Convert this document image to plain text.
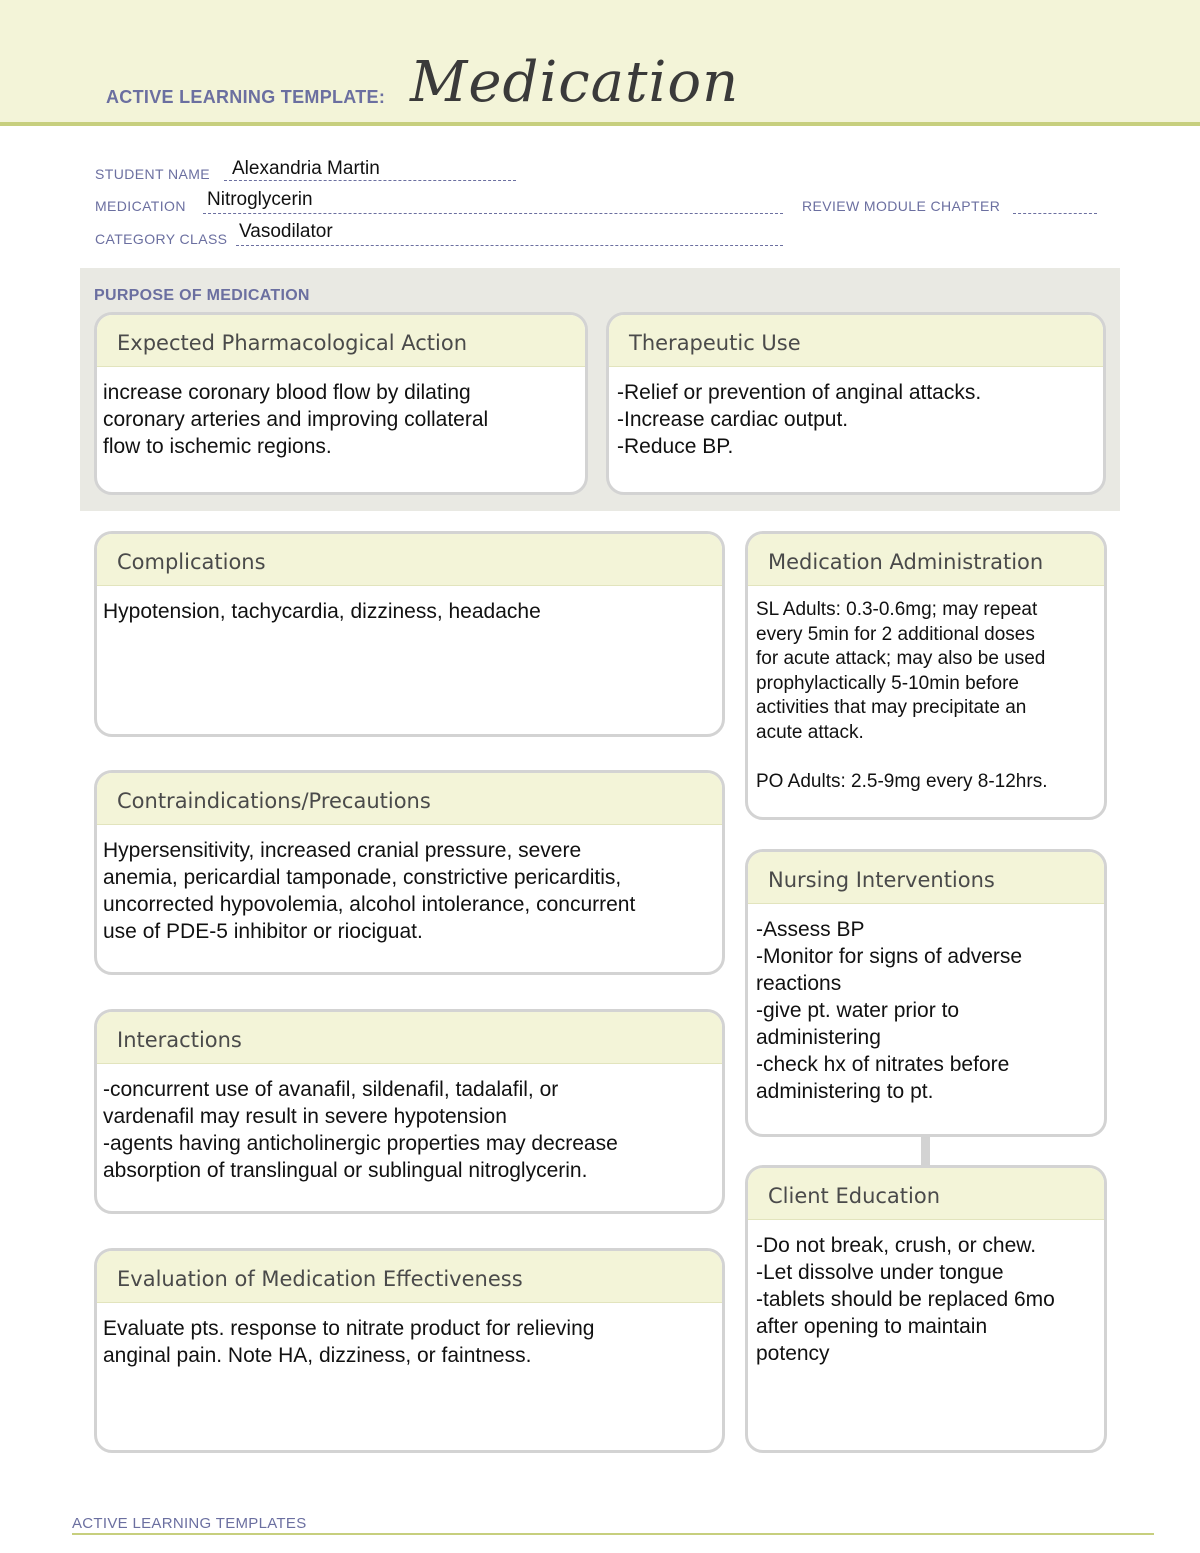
ACTIVE LEARNING TEMPLATE: Medication
STUDENT NAME Alexandria Martin
MEDICATION Nitroglycerin	REVIEW MODULE CHAPTER
CATEGORY CLASS Vasodilator
PURPOSE OF MEDICATION
Expected Pharmacological Action
increase coronary blood flow by dilating
coronary arteries and improving collateral
flow to ischemic regions.
Therapeutic Use
-Relief or prevention of anginal attacks.
-Increase cardiac output.
-Reduce BP.
Complications
Hypotension, tachycardia, dizziness, headache
Contraindications/Precautions
Hypersensitivity, increased cranial pressure, severe
anemia, pericardial tamponade, constrictive pericarditis,
uncorrected hypovolemia, alcohol intolerance, concurrent
use of PDE-5 inhibitor or riociguat.
Interactions
-concurrent use of avanafil, sildenafil, tadalafil, or
vardenafil may result in severe hypotension
-agents having anticholinergic properties may decrease
absorption of translingual or sublingual nitroglycerin.
Evaluation of Medication Effectiveness
Evaluate pts. response to nitrate product for relieving
anginal pain. Note HA, dizziness, or faintness.
Medication Administration
SL Adults: 0.3-0.6mg; may repeat
every 5min for 2 additional doses
for acute attack; may also be used
prophylactically 5-10min before
activities that may precipitate an
acute attack.

PO Adults: 2.5-9mg every 8-12hrs.
Nursing Interventions
-Assess BP
-Monitor for signs of adverse
reactions
-give pt. water prior to
administering
-check hx of nitrates before
administering to pt.
Client Education
-Do not break, crush, or chew.
-Let dissolve under tongue
-tablets should be replaced 6mo
after opening to maintain
potency
ACTIVE LEARNING TEMPLATES
